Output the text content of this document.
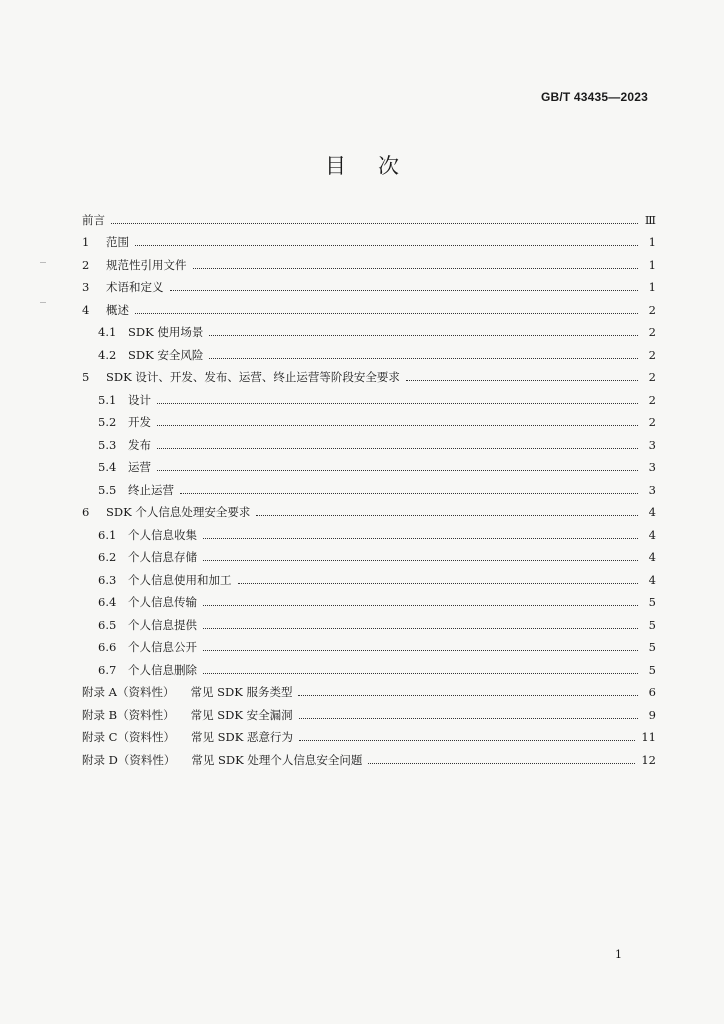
GB/T 43435—2023
目次
前言	Ⅲ
1	范围	1
2	规范性引用文件	1
3	术语和定义	1
4	概述	2
4.1	SDK 使用场景	2
4.2	SDK 安全风险	2
5	SDK 设计、开发、发布、运营、终止运营等阶段安全要求	2
5.1	设计	2
5.2	开发	2
5.3	发布	3
5.4	运营	3
5.5	终止运营	3
6	SDK 个人信息处理安全要求	4
6.1	个人信息收集	4
6.2	个人信息存储	4
6.3	个人信息使用和加工	4
6.4	个人信息传输	5
6.5	个人信息提供	5
6.6	个人信息公开	5
6.7	个人信息删除	5
附录 A（资料性） 常见 SDK 服务类型	6
附录 B（资料性） 常见 SDK 安全漏洞	9
附录 C（资料性） 常见 SDK 恶意行为	11
附录 D（资料性） 常见 SDK 处理个人信息安全问题	12
1
